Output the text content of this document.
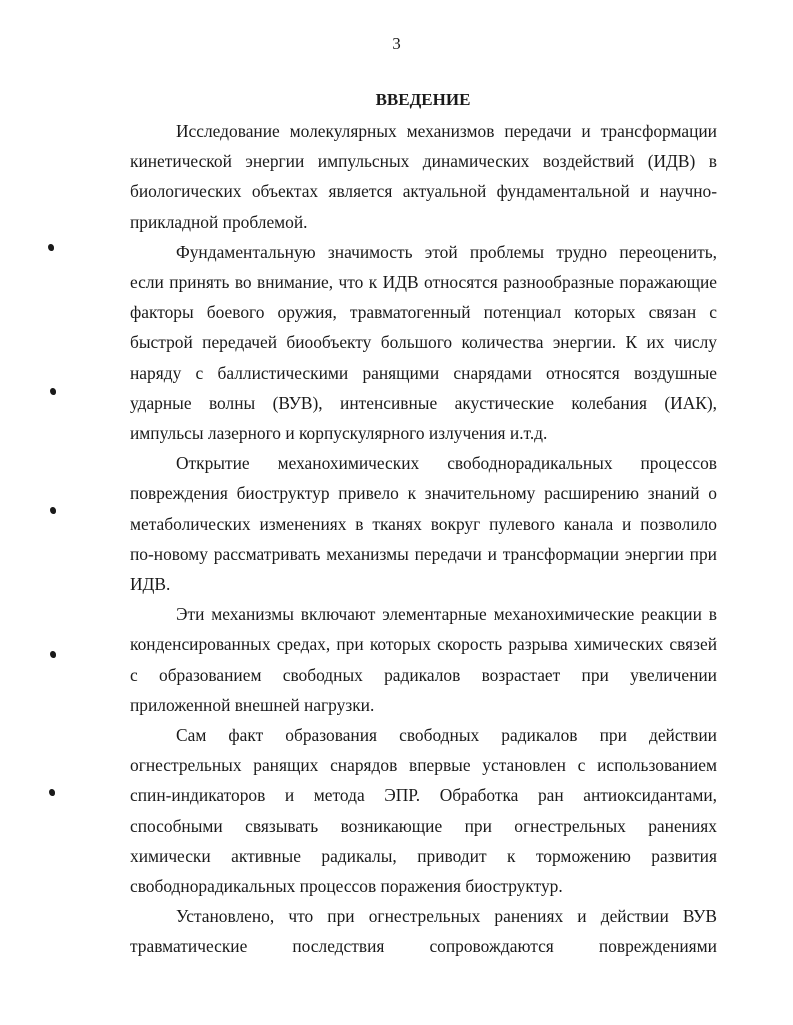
3
ВВЕДЕНИЕ
Исследование молекулярных механизмов передачи и трансформации
кинетической энергии импульсных динамических воздействий (ИДВ) в
биологических объектах является актуальной фундаментальной и научно-
прикладной проблемой.
Фундаментальную значимость этой проблемы трудно переоценить,
если принять во внимание, что к ИДВ относятся разнообразные поражающие
факторы боевого оружия, травматогенный потенциал которых связан с
быстрой передачей биообъекту большого количества энергии. К их числу
наряду с баллистическими ранящими снарядами относятся воздушные
ударные волны (ВУВ), интенсивные акустические колебания (ИАК),
импульсы лазерного и корпускулярного излучения и.т.д.
Открытие механохимических свободнорадикальных процессов
повреждения биоструктур привело к значительному расширению знаний о
метаболических изменениях в тканях вокруг пулевого канала и позволило
по-новому рассматривать механизмы передачи и трансформации энергии при
ИДВ.
Эти механизмы включают элементарные механохимические реакции в
конденсированных средах, при которых скорость разрыва химических связей
с образованием свободных радикалов возрастает при увеличении
приложенной внешней нагрузки.
Сам факт образования свободных радикалов при действии
огнестрельных ранящих снарядов впервые установлен с использованием
спин-индикаторов и метода ЭПР. Обработка ран антиоксидантами,
способными связывать возникающие при огнестрельных ранениях
химически активные радикалы, приводит к торможению развития
свободнорадикальных процессов поражения биоструктур.
Установлено, что при огнестрельных ранениях и действии ВУВ
травматические последствия сопровождаются повреждениями
